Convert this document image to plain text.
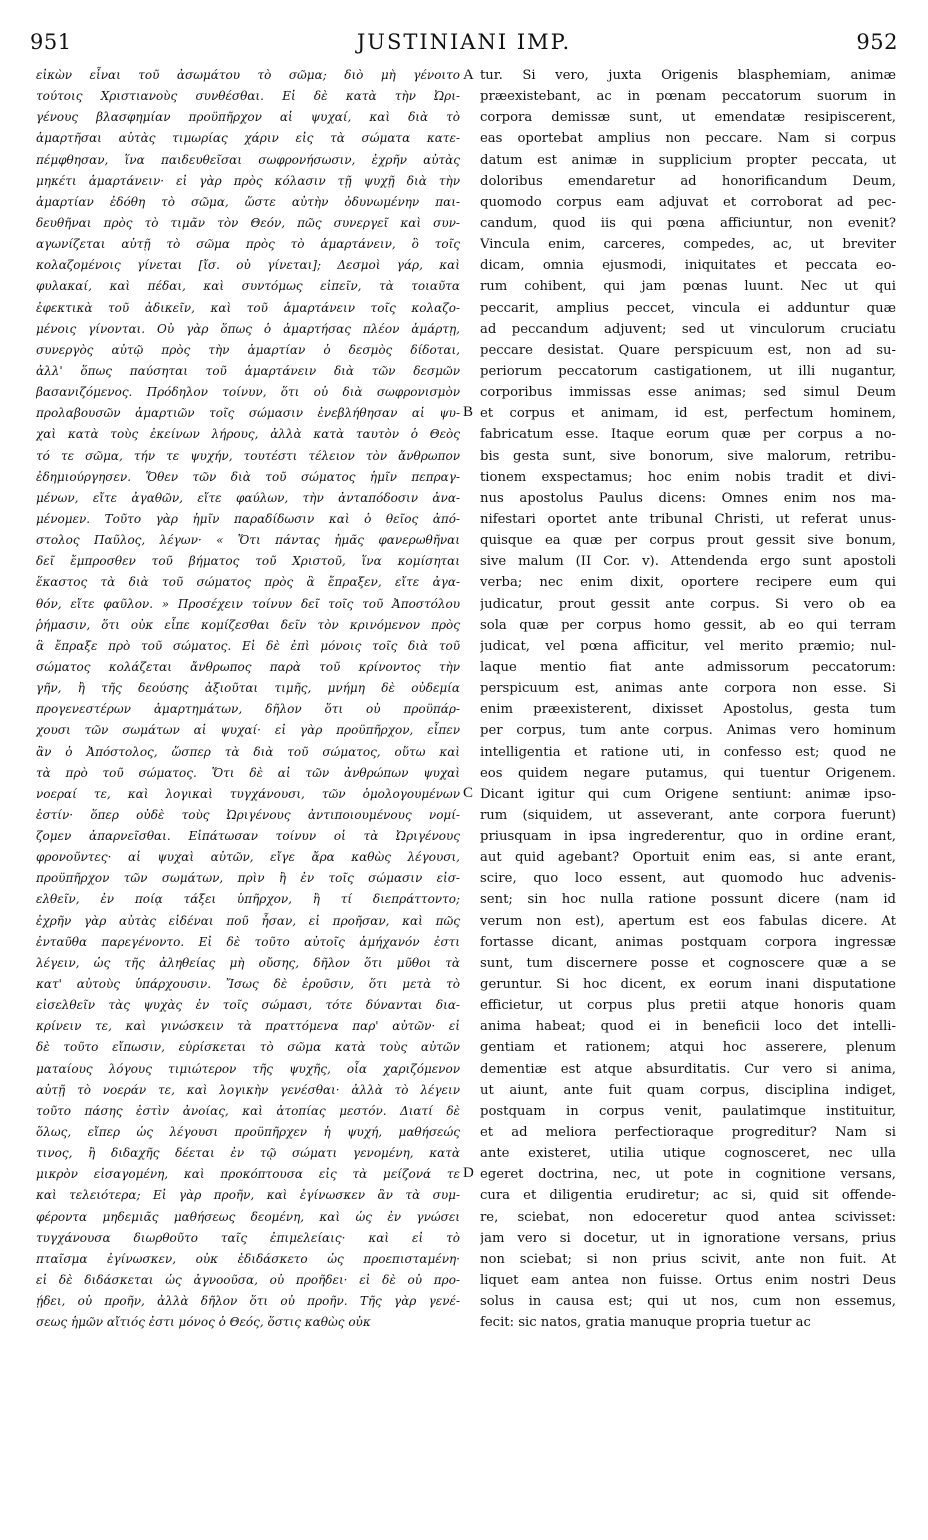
951	JUSTINIANI IMP.	952
εἰκὼν εἶναι τοῦ ἀσωμάτου τὸ σῶμα; διὸ μὴ γένοιτο
τούτοις Χριστιανοὺς συνθέσθαι. Εἰ δὲ κατὰ τὴν Ὠρι-
γένους βλασφημίαν προϋπῆρχον αἱ ψυχαί, καὶ διὰ τὸ
ἁμαρτῆσαι αὐτὰς τιμωρίας χάριν εἰς τὰ σώματα κατε-
πέμφθησαν, ἵνα παιδευθεῖσαι σωφρονήσωσιν, ἐχρῆν αὐτὰς
μηκέτι ἁμαρτάνειν· εἰ γὰρ πρὸς κόλασιν τῇ ψυχῇ διὰ τὴν
ἁμαρτίαν ἐδόθη τὸ σῶμα, ὥστε αὐτὴν ὀδυνωμένην παι-
δευθῆναι πρὸς τὸ τιμᾶν τὸν Θεόν, πῶς συνεργεῖ καὶ συν-
αγωνίζεται αὐτῇ τὸ σῶμα πρὸς τὸ ἁμαρτάνειν, ὃ τοῖς
κολαζομένοις γίνεται [ἴσ. οὐ γίνεται]; Δεσμοὶ γάρ, καὶ
φυλακαί, καὶ πέδαι, καὶ συντόμως εἰπεῖν, τὰ τοιαῦτα
ἐφεκτικὰ τοῦ ἀδικεῖν, καὶ τοῦ ἁμαρτάνειν τοῖς κολαζο-
μένοις γίνονται. Οὐ γὰρ ὅπως ὁ ἁμαρτήσας πλέον ἁμάρτῃ,
συνεργὸς αὐτῷ πρὸς τὴν ἁμαρτίαν ὁ δεσμὸς δίδοται,
ἀλλ' ὅπως παύσηται τοῦ ἁμαρτάνειν διὰ τῶν δεσμῶν
βασανιζόμενος. Πρόδηλον τοίνυν, ὅτι οὐ διὰ σωφρονισμὸν
προλαβουσῶν ἁμαρτιῶν τοῖς σώμασιν ἐνεβλήθησαν αἱ ψυ-
χαὶ κατὰ τοὺς ἐκείνων λήρους, ἀλλὰ κατὰ ταυτὸν ὁ Θεὸς
τό τε σῶμα, τήν τε ψυχήν, τουτέστι τέλειον τὸν ἄνθρωπον
ἐδημιούργησεν. Ὅθεν τῶν διὰ τοῦ σώματος ἡμῖν πεπραγ-
μένων, εἴτε ἀγαθῶν, εἴτε φαύλων, τὴν ἀνταπόδοσιν ἀνα-
μένομεν. Τοῦτο γὰρ ἡμῖν παραδίδωσιν καὶ ὁ θεῖος ἀπό-
στολος Παῦλος, λέγων· « Ὅτι πάντας ἡμᾶς φανερωθῆναι
δεῖ ἔμπροσθεν τοῦ βήματος τοῦ Χριστοῦ, ἵνα κομίσηται
ἕκαστος τὰ διὰ τοῦ σώματος πρὸς ἃ ἔπραξεν, εἴτε ἀγα-
θόν, εἴτε φαῦλον. » Προσέχειν τοίνυν δεῖ τοῖς τοῦ Ἀποστόλου
ῥήμασιν, ὅτι οὐκ εἶπε κομίζεσθαι δεῖν τὸν κρινόμενον πρὸς
ἃ ἔπραξε πρὸ τοῦ σώματος. Εἰ δὲ ἐπὶ μόνοις τοῖς διὰ τοῦ
σώματος κολάζεται ἄνθρωπος παρὰ τοῦ κρίνοντος τὴν
γῆν, ἢ τῆς δεούσης ἀξιοῦται τιμῆς, μνήμη δὲ οὐδεμία
προγενεστέρων ἁμαρτημάτων, δῆλον ὅτι οὐ προϋπάρ-
χουσι τῶν σωμάτων αἱ ψυχαί· εἰ γὰρ προϋπῆρχον, εἶπεν
ἂν ὁ Ἀπόστολος, ὥσπερ τὰ διὰ τοῦ σώματος, οὕτω καὶ
τὰ πρὸ τοῦ σώματος. Ὅτι δὲ αἱ τῶν ἀνθρώπων ψυχαὶ
νοεραί τε, καὶ λογικαὶ τυγχάνουσι, τῶν ὁμολογουμένων
ἐστίν· ὅπερ οὐδὲ τοὺς Ὠριγένους ἀντιποιουμένους νομί-
ζομεν ἀπαρνεῖσθαι. Εἰπάτωσαν τοίνυν οἱ τὰ Ὠριγένους
φρονοῦντες· αἱ ψυχαὶ αὐτῶν, εἴγε ἄρα καθὼς λέγουσι,
προϋπῆρχον τῶν σωμάτων, πρὶν ἢ ἐν τοῖς σώμασιν εἰσ-
ελθεῖν, ἐν ποίᾳ τάξει ὑπῆρχον, ἢ τί διεπράττοντο;
ἐχρῆν γὰρ αὐτὰς εἰδέναι ποῦ ἦσαν, εἰ προῆσαν, καὶ πῶς
ἐνταῦθα παρεγένοντο. Εἰ δὲ τοῦτο αὐτοῖς ἀμήχανόν ἐστι
λέγειν, ὡς τῆς ἀληθείας μὴ οὔσης, δῆλον ὅτι μῦθοι τὰ
κατ' αὐτοὺς ὑπάρχουσιν. Ἴσως δὲ ἐροῦσιν, ὅτι μετὰ τὸ
εἰσελθεῖν τὰς ψυχὰς ἐν τοῖς σώμασι, τότε δύνανται δια-
κρίνειν τε, καὶ γινώσκειν τὰ πραττόμενα παρ' αὐτῶν· εἰ
δὲ τοῦτο εἴπωσιν, εὑρίσκεται τὸ σῶμα κατὰ τοὺς αὐτῶν
ματαίους λόγους τιμιώτερον τῆς ψυχῆς, οἷα χαριζόμενον
αὐτῇ τὸ νοεράν τε, καὶ λογικὴν γενέσθαι· ἀλλὰ τὸ λέγειν
τοῦτο πάσης ἐστὶν ἀνοίας, καὶ ἀτοπίας μεστόν. Διατί δὲ
ὅλως, εἴπερ ὡς λέγουσι προϋπῆρχεν ἡ ψυχή, μαθήσεώς
τινος, ἢ διδαχῆς δέεται ἐν τῷ σώματι γενομένη, κατὰ
μικρὸν εἰσαγομένη, καὶ προκόπτουσα εἰς τὰ μείζονά τε
καὶ τελειότερα; Εἰ γὰρ προῆν, καὶ ἐγίνωσκεν ἂν τὰ συμ-
φέροντα μηδεμιᾶς μαθήσεως δεομένη, καὶ ὡς ἐν γνώσει
τυγχάνουσα διωρθοῦτο ταῖς ἐπιμελείαις· καὶ εἰ τὸ
πταῖσμα ἐγίνωσκεν, οὐκ ἐδιδάσκετο ὡς προεπισταμένη·
εἰ δὲ διδάσκεται ὡς ἀγνοοῦσα, οὐ προῆδει· εἰ δὲ οὐ προ-
ῄδει, οὐ προῆν, ἀλλὰ δῆλον ὅτι οὐ προῆν. Τῆς γὰρ γενέ-
σεως ἡμῶν αἴτιός ἐστι μόνος ὁ Θεός, ὅστις καθὼς οὐκ
A
B
C
D
tur. Si vero, juxta Origenis blasphemiam, animæ
præexistebant, ac in pœnam peccatorum suorum in
corpora demissæ sunt, ut emendatæ resipiscerent,
eas oportebat amplius non peccare. Nam si corpus
datum est animæ in supplicium propter peccata, ut
doloribus emendaretur ad honorificandum Deum,
quomodo corpus eam adjuvat et corroborat ad pec-
candum, quod iis qui pœna afficiuntur, non evenit?
Vincula enim, carceres, compedes, ac, ut breviter
dicam, omnia ejusmodi, iniquitates et peccata eo-
rum cohibent, qui jam pœnas luunt. Nec ut qui
peccarit, amplius peccet, vincula ei adduntur quæ
ad peccandum adjuvent; sed ut vinculorum cruciatu
peccare desistat. Quare perspicuum est, non ad su-
periorum peccatorum castigationem, ut illi nugantur,
corporibus immissas esse animas; sed simul Deum
et corpus et animam, id est, perfectum hominem,
fabricatum esse. Itaque eorum quæ per corpus a no-
bis gesta sunt, sive bonorum, sive malorum, retribu-
tionem exspectamus; hoc enim nobis tradit et divi-
nus apostolus Paulus dicens: Omnes enim nos ma-
nifestari oportet ante tribunal Christi, ut referat unus-
quisque ea quæ per corpus prout gessit sive bonum,
sive malum (II Cor. v). Attendenda ergo sunt apostoli
verba; nec enim dixit, oportere recipere eum qui
judicatur, prout gessit ante corpus. Si vero ob ea
sola quæ per corpus homo gessit, ab eo qui terram
judicat, vel pœna afficitur, vel merito præmio; nul-
laque mentio fiat ante admissorum peccatorum:
perspicuum est, animas ante corpora non esse. Si
enim præexisterent, dixisset Apostolus, gesta tum
per corpus, tum ante corpus. Animas vero hominum
intelligentia et ratione uti, in confesso est; quod ne
eos quidem negare putamus, qui tuentur Origenem.
Dicant igitur qui cum Origene sentiunt: animæ ipso-
rum (siquidem, ut asseverant, ante corpora fuerunt)
priusquam in ipsa ingrederentur, quo in ordine erant,
aut quid agebant? Oportuit enim eas, si ante erant,
scire, quo loco essent, aut quomodo huc advenis-
sent; sin hoc nulla ratione possunt dicere (nam id
verum non est), apertum est eos fabulas dicere. At
fortasse dicant, animas postquam corpora ingressæ
sunt, tum discernere posse et cognoscere quæ a se
geruntur. Si hoc dicent, ex eorum inani disputatione
efficietur, ut corpus plus pretii atque honoris quam
anima habeat; quod ei in beneficii loco det intelli-
gentiam et rationem; atqui hoc asserere, plenum
dementiæ est atque absurditatis. Cur vero si anima,
ut aiunt, ante fuit quam corpus, disciplina indiget,
postquam in corpus venit, paulatimque instituitur,
et ad meliora perfectioraque progreditur? Nam si
ante existeret, utilia utique cognosceret, nec ulla
egeret doctrina, nec, ut pote in cognitione versans,
cura et diligentia erudiretur; ac si, quid sit offende-
re, sciebat, non edoceretur quod antea scivisset:
jam vero si docetur, ut in ignoratione versans, prius
non sciebat; si non prius scivit, ante non fuit. At
liquet eam antea non fuisse. Ortus enim nostri Deus
solus in causa est; qui ut nos, cum non essemus,
fecit: sic natos, gratia manuque propria tuetur ac
